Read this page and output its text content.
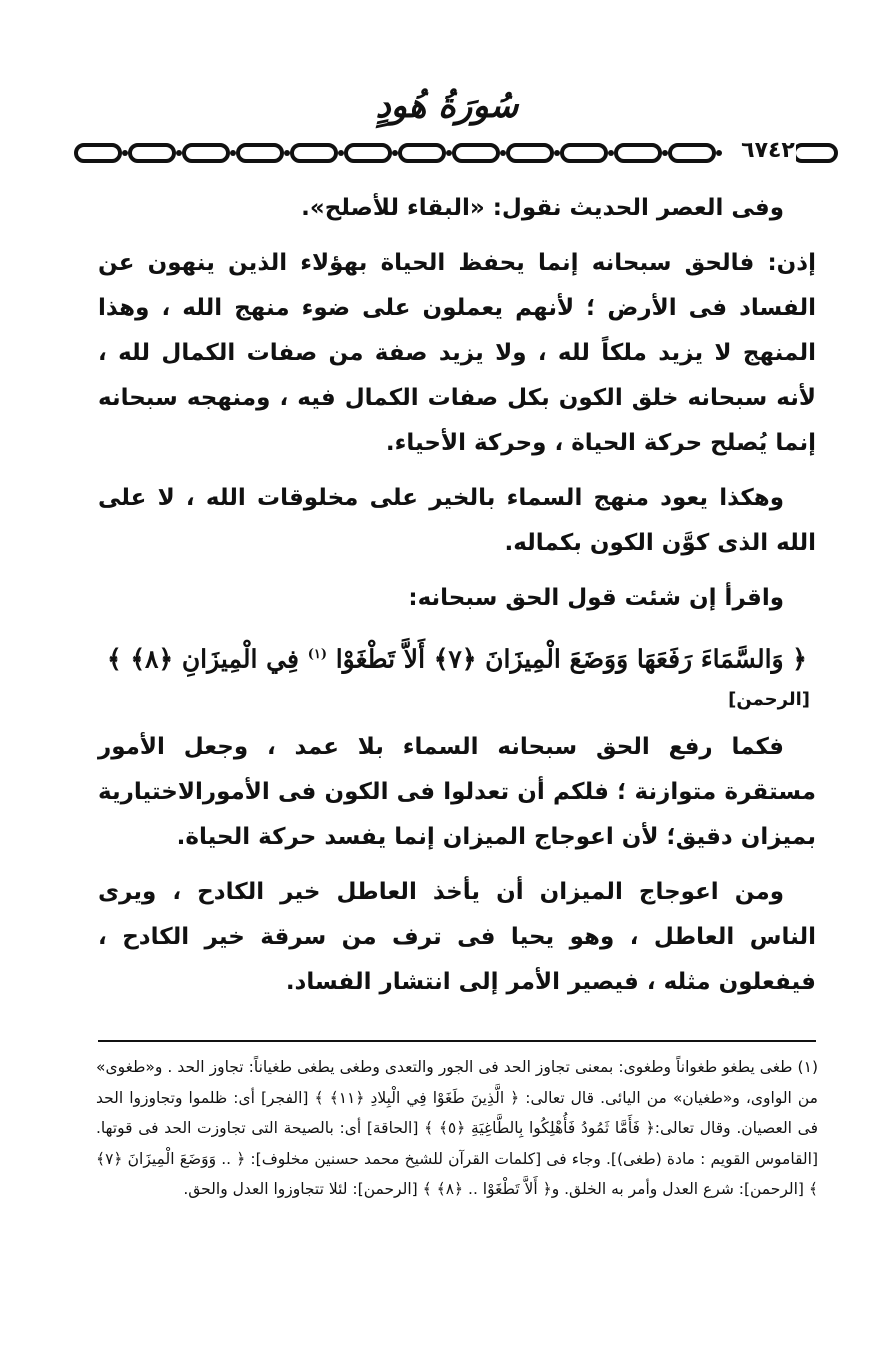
سُورَةُ هُودٍ
٦٧٤٢

وفى العصر الحديث نقول: «البقاء للأصلح».

إذن: فالحق سبحانه إنما يحفظ الحياة بهؤلاء الذين ينهون عن الفساد فى الأرض ؛ لأنهم يعملون على ضوء منهج الله ، وهذا المنهج لا يزيد ملكاً لله ، ولا يزيد صفة من صفات الكمال لله ، لأنه سبحانه خلق الكون بكل صفات الكمال فيه ، ومنهجه سبحانه إنما يُصلح حركة الحياة ، وحركة الأحياء.

وهكذا يعود منهج السماء بالخير على مخلوقات الله ، لا على الله الذى كوَّن الكون بكماله.

واقرأ إن شئت قول الحق سبحانه:

﴿ وَالسَّمَاءَ رَفَعَهَا وَوَضَعَ الْمِيزَانَ ﴿٧﴾ أَلاَّ تَطْغَوْا $^{(١)}$ فِي الْمِيزَانِ ﴿٨﴾ ﴾
[الرحمن]

فكما رفع الحق سبحانه السماء بلا عمد ، وجعل الأمور مستقرة متوازنة ؛ فلكم أن تعدلوا فى الكون فى الأمورالاختيارية بميزان دقيق؛ لأن اعوجاج الميزان إنما يفسد حركة الحياة.

ومن اعوجاج الميزان أن يأخذ العاطل خير الكادح ، ويرى الناس العاطل ، وهو يحيا فى ترف من سرقة خير الكادح ، فيفعلون مثله ، فيصير الأمر إلى انتشار الفساد.

(١) طغى يطغو طغواناً وطغوى: بمعنى تجاوز الحد فى الجور والتعدى وطغى يطغى طغياناً: تجاوز الحد . و«طغوى» من الواوى، و«طغيان» من اليائى. قال تعالى: ﴿ الَّذِينَ طَغَوْا فِي الْبِلادِ ﴿١١﴾ ﴾ [الفجر] أى: ظلموا وتجاوزوا الحد فى العصيان. وقال تعالى:﴿ فَأَمَّا ثَمُودُ فَأُهْلِكُوا بِالطَّاغِيَةِ ﴿٥﴾ ﴾ [الحاقة] أى: بالصيحة التى تجاوزت الحد فى قوتها. [القاموس القويم : مادة (طغى)]. وجاء فى [كلمات القرآن للشيخ محمد حسنين مخلوف]: ﴿ .. وَوَضَعَ الْمِيزَانَ ﴿٧﴾ ﴾ [الرحمن]: شرع العدل وأمر به الخلق. و﴿ أَلاَّ تَطْغَوْا .. ﴿٨﴾ ﴾ [الرحمن]: لئلا تتجاوزوا العدل والحق.
